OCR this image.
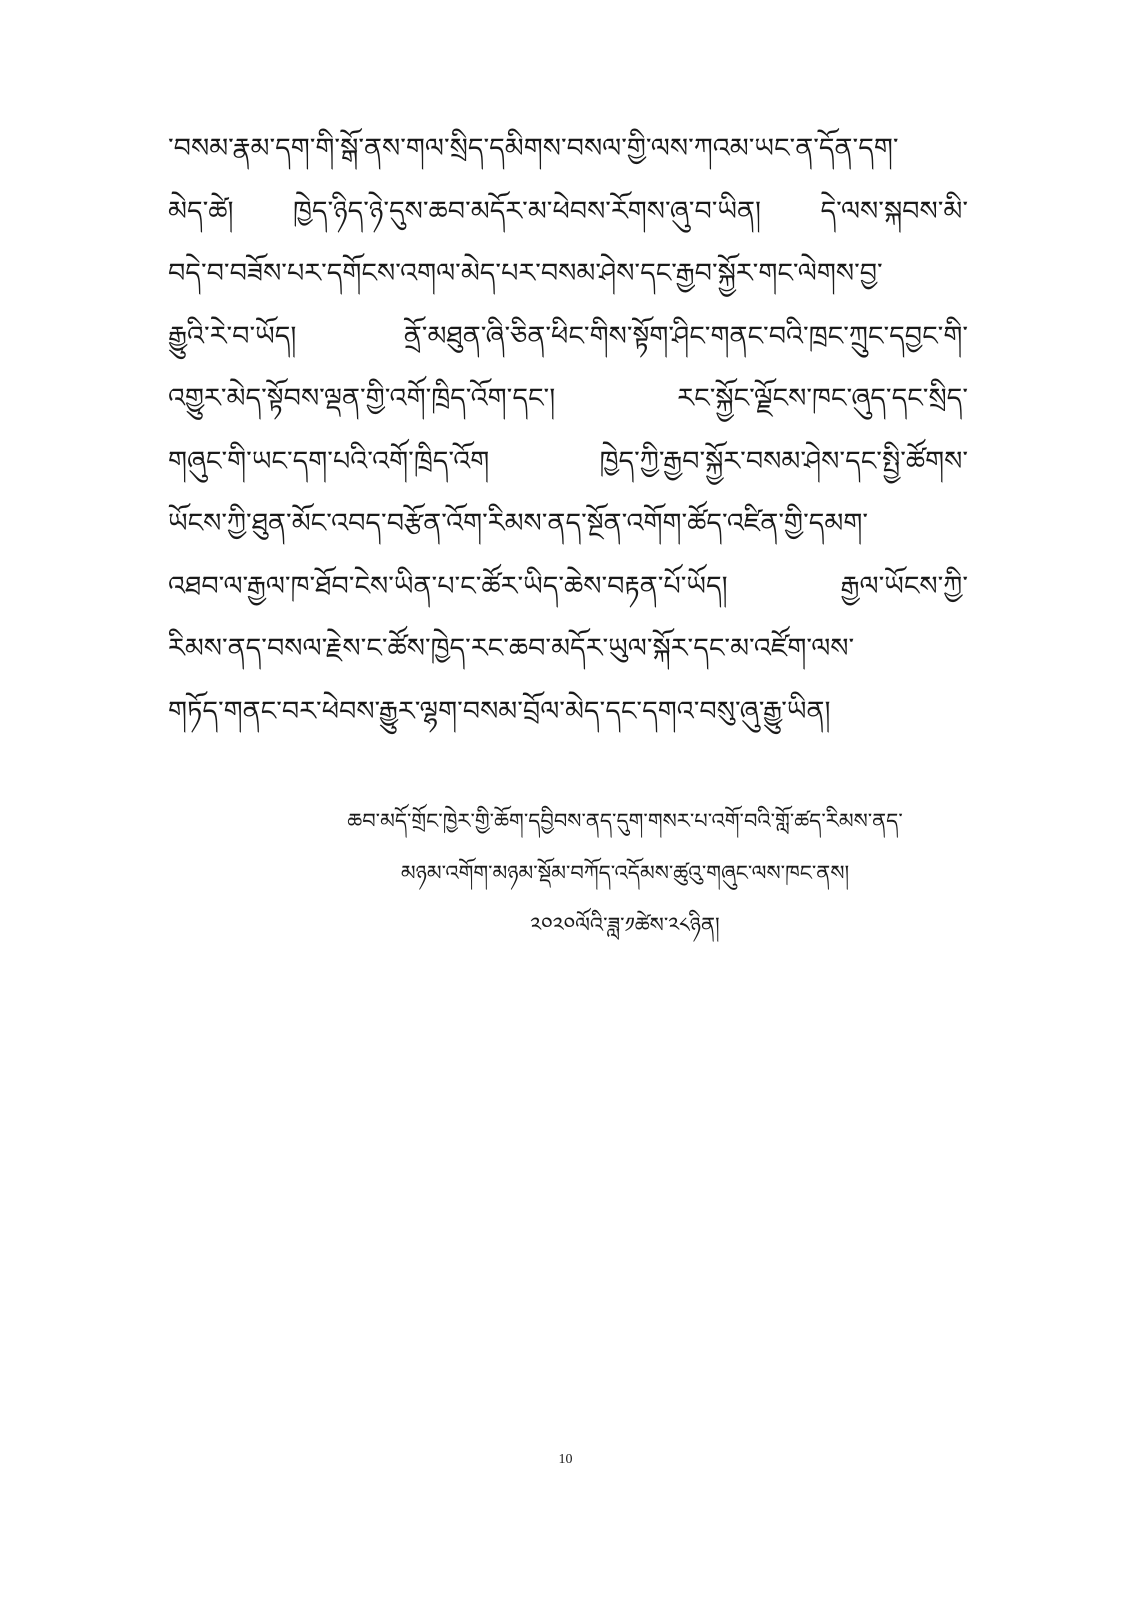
་བསམ་རྣམ་དག་གི་སྒོ་ནས་གལ་སྲིད་དམིགས་བསལ་གྱི་ལས་ཀའམ་ཡང་ན་དོན་དག་
མེད་ཚེ། ཁྱེད་ཉིད་ཉེ་དུས་ཆབ་མདོར་མ་ཕེབས་རོགས་ཞུ་བ་ཡིན། དེ་ལས་སྐབས་མི་
བདེ་བ་བཟོས་པར་དགོངས་འགལ་མེད་པར་བསམ་ཤེས་དང་རྒྱབ་སྐྱོར་གང་ལེགས་བྱ་
རྒྱུའི་རེ་བ་ཡོད། ནྲོ་མཐུན་ཞི་ཅིན་ཕིང་གིས་སྟོག་ཤིང་གནང་བའི་ཁྲང་ཀྲུང་དབྱང་གི་
འགྱུར་མེད་སྟོབས་ལྡན་གྱི་འགོ་ཁྲིད་འོག་དང་། རང་སྐྱོང་ལྗོངས་ཁང་ཞུད་དང་སྲིད་
གཞུང་གི་ཡང་དག་པའི་འགོ་ཁྲིད་འོག ཁྱེད་ཀྱི་རྒྱབ་སྐྱོར་བསམ་ཤེས་དང་སྤྱི་ཚོགས་
ཡོངས་ཀྱི་ཐུན་མོང་འབད་བརྩོན་འོག་རིམས་ནད་སྔོན་འགོག་ཚོད་འཛིན་གྱི་དམག་
འཐབ་ལ་རྒྱལ་ཁ་ཐོབ་ངེས་ཡིན་པ་ང་ཚོར་ཡིད་ཆེས་བརྟན་པོ་ཡོད། རྒྱལ་ཡོངས་ཀྱི་
རིམས་ནད་བསལ་རྗེས་ང་ཚོས་ཁྱེད་རང་ཆབ་མདོར་ཡུལ་སྐོར་དང་མ་འཛོག་ལས་
གཏོད་གནང་བར་ཕེབས་རྒྱུར་ལྷག་བསམ་བྲོལ་མེད་དང་དགའ་བསུ་ཞུ་རྒྱུ་ཡིན།
ཆབ་མདོ་གྲོང་ཁྱེར་གྱི་ཆོག་དབྱིབས་ནད་དུག་གསར་པ་འགོ་བའི་གློ་ཚད་རིམས་ནད་
མཉམ་འགོག་མཉམ་སྡོམ་བཀོད་འདོམས་ཚུའུ་གཞུང་ལས་ཁང་ནས།
༢༠༢༠ལོའི་ཟླ་༡ཚེས་༢༨ཉིན།
10
